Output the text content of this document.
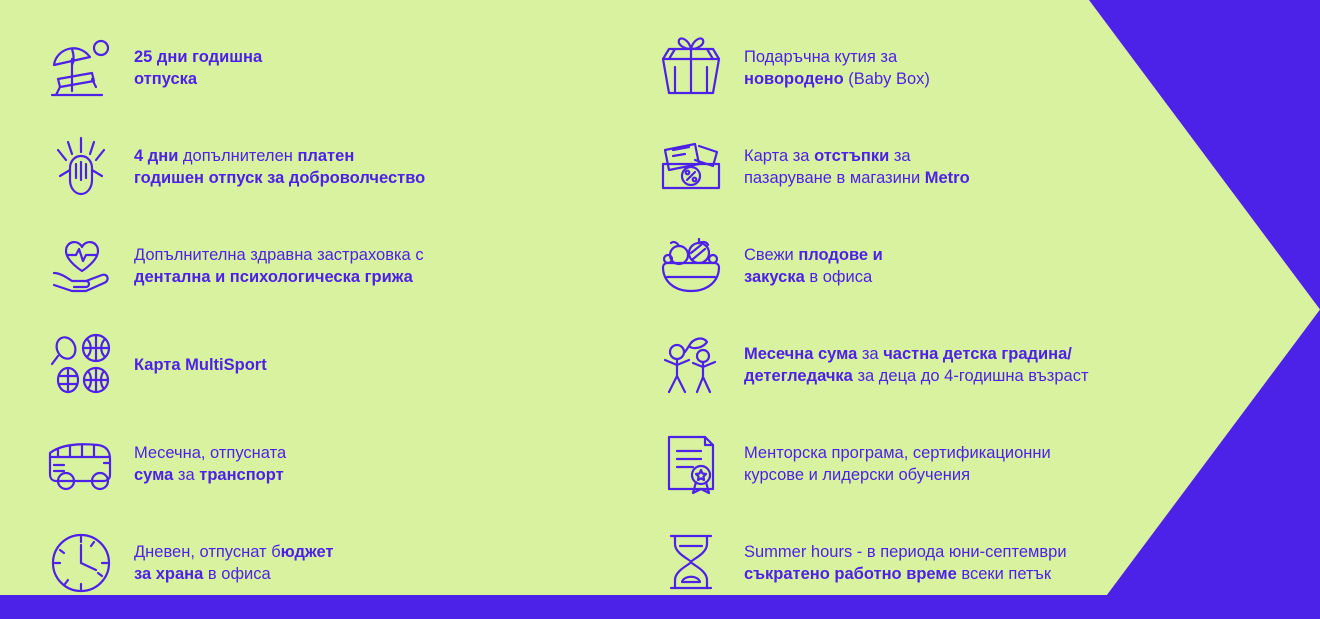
25 дни годишна
отпуска
4 дни допълнителен платен
годишен отпуск за доброволчество
Допълнителна здравна застраховка с
дентална и психологическа грижа
Карта MultiSport
Месечна, отпусната
сума за транспорт
Дневен, отпуснат бюджет
за храна в офиса
Подаръчна кутия за
новородено (Baby Box)
Карта за отстъпки за
пазаруване в магазини Metro
Свежи плодове и
закуска в офиса
Месечна сума за частна детска градина/
детегледачка за деца до 4-годишна възраст
Менторска програма, сертификационни
курсове и лидерски обучения
Summer hours - в периода юни-септември
съкратено работно време всеки петък
